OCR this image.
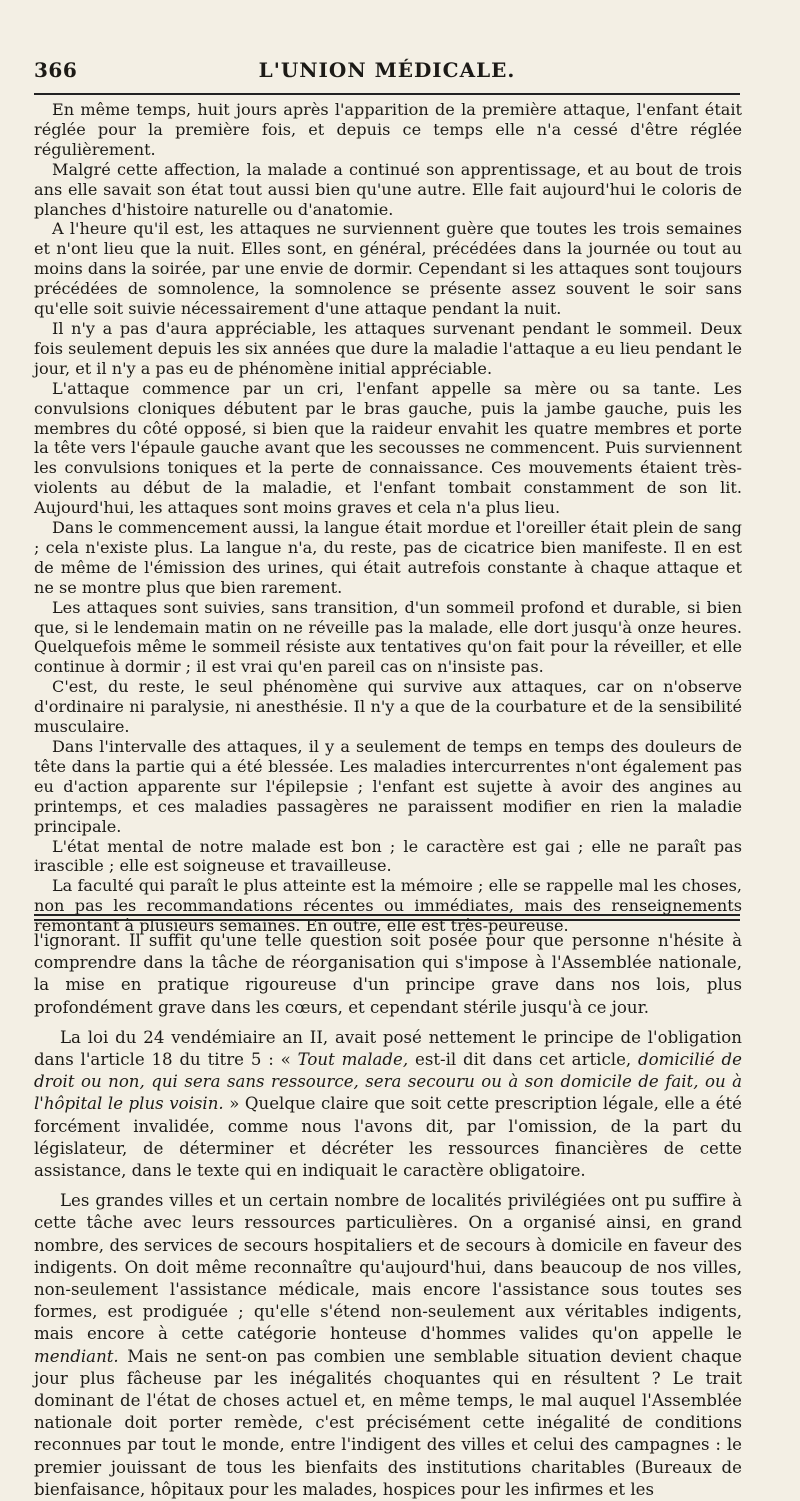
L'UNION MÉDICALE.
366

En même temps, huit jours après l'apparition de la première attaque, l'enfant était réglée pour la première fois, et depuis ce temps elle n'a cessé d'être réglée régulièrement.

Malgré cette affection, la malade a continué son apprentissage, et au bout de trois ans elle savait son état tout aussi bien qu'une autre. Elle fait aujourd'hui le coloris de planches d'histoire naturelle ou d'anatomie.

A l'heure qu'il est, les attaques ne surviennent guère que toutes les trois semaines et n'ont lieu que la nuit. Elles sont, en général, précédées dans la journée ou tout au moins dans la soirée, par une envie de dormir. Cependant si les attaques sont toujours précédées de somnolence, la somnolence se présente assez souvent le soir sans qu'elle soit suivie nécessairement d'une attaque pendant la nuit.

Il n'y a pas d'aura appréciable, les attaques survenant pendant le sommeil. Deux fois seulement depuis les six années que dure la maladie l'attaque a eu lieu pendant le jour, et il n'y a pas eu de phénomène initial appréciable.

L'attaque commence par un cri, l'enfant appelle sa mère ou sa tante. Les convulsions cloniques débutent par le bras gauche, puis la jambe gauche, puis les membres du côté opposé, si bien que la raideur envahit les quatre membres et porte la tête vers l'épaule gauche avant que les secousses ne commencent. Puis surviennent les convulsions toniques et la perte de connaissance. Ces mouvements étaient très-violents au début de la maladie, et l'enfant tombait constamment de son lit. Aujourd'hui, les attaques sont moins graves et cela n'a plus lieu.

Dans le commencement aussi, la langue était mordue et l'oreiller était plein de sang ; cela n'existe plus. La langue n'a, du reste, pas de cicatrice bien manifeste. Il en est de même de l'émission des urines, qui était autrefois constante à chaque attaque et ne se montre plus que bien rarement.

Les attaques sont suivies, sans transition, d'un sommeil profond et durable, si bien que, si le lendemain matin on ne réveille pas la malade, elle dort jusqu'à onze heures. Quelquefois même le sommeil résiste aux tentatives qu'on fait pour la réveiller, et elle continue à dormir ; il est vrai qu'en pareil cas on n'insiste pas.

C'est, du reste, le seul phénomène qui survive aux attaques, car on n'observe d'ordinaire ni paralysie, ni anesthésie. Il n'y a que de la courbature et de la sensibilité musculaire.

Dans l'intervalle des attaques, il y a seulement de temps en temps des douleurs de tête dans la partie qui a été blessée. Les maladies intercurrentes n'ont également pas eu d'action apparente sur l'épilepsie ; l'enfant est sujette à avoir des angines au printemps, et ces maladies passagères ne paraissent modifier en rien la maladie principale.

L'état mental de notre malade est bon ; le caractère est gai ; elle ne paraît pas irascible ; elle est soigneuse et travailleuse.

La faculté qui paraît le plus atteinte est la mémoire ; elle se rappelle mal les choses, non pas les recommandations récentes ou immédiates, mais des renseignements remontant à plusieurs semaines. En outre, elle est très-peureuse.

l'ignorant. Il suffit qu'une telle question soit posée pour que personne n'hésite à comprendre dans la tâche de réorganisation qui s'impose à l'Assemblée nationale, la mise en pratique rigoureuse d'un principe grave dans nos lois, plus profondément grave dans les cœurs, et cependant stérile jusqu'à ce jour.

La loi du 24 vendémiaire an II, avait posé nettement le principe de l'obligation dans l'article 18 du titre 5 : « Tout malade, est-il dit dans cet article, domicilié de droit ou non, qui sera sans ressource, sera secouru ou à son domicile de fait, ou à l'hôpital le plus voisin. » Quelque claire que soit cette prescription légale, elle a été forcément invalidée, comme nous l'avons dit, par l'omission, de la part du législateur, de déterminer et décréter les ressources financières de cette assistance, dans le texte qui en indiquait le caractère obligatoire.

Les grandes villes et un certain nombre de localités privilégiées ont pu suffire à cette tâche avec leurs ressources particulières. On a organisé ainsi, en grand nombre, des services de secours hospitaliers et de secours à domicile en faveur des indigents. On doit même reconnaître qu'aujourd'hui, dans beaucoup de nos villes, non-seulement l'assistance médicale, mais encore l'assistance sous toutes ses formes, est prodiguée ; qu'elle s'étend non-seulement aux véritables indigents, mais encore à cette catégorie honteuse d'hommes valides qu'on appelle le mendiant. Mais ne sent-on pas combien une semblable situation devient chaque jour plus fâcheuse par les inégalités choquantes qui en résultent ? Le trait dominant de l'état de choses actuel et, en même temps, le mal auquel l'Assemblée nationale doit porter remède, c'est précisément cette inégalité de conditions reconnues par tout le monde, entre l'indigent des villes et celui des campagnes : le premier jouissant de tous les bienfaits des institutions charitables (Bureaux de bienfaisance, hôpitaux pour les malades, hospices pour les infirmes et les
